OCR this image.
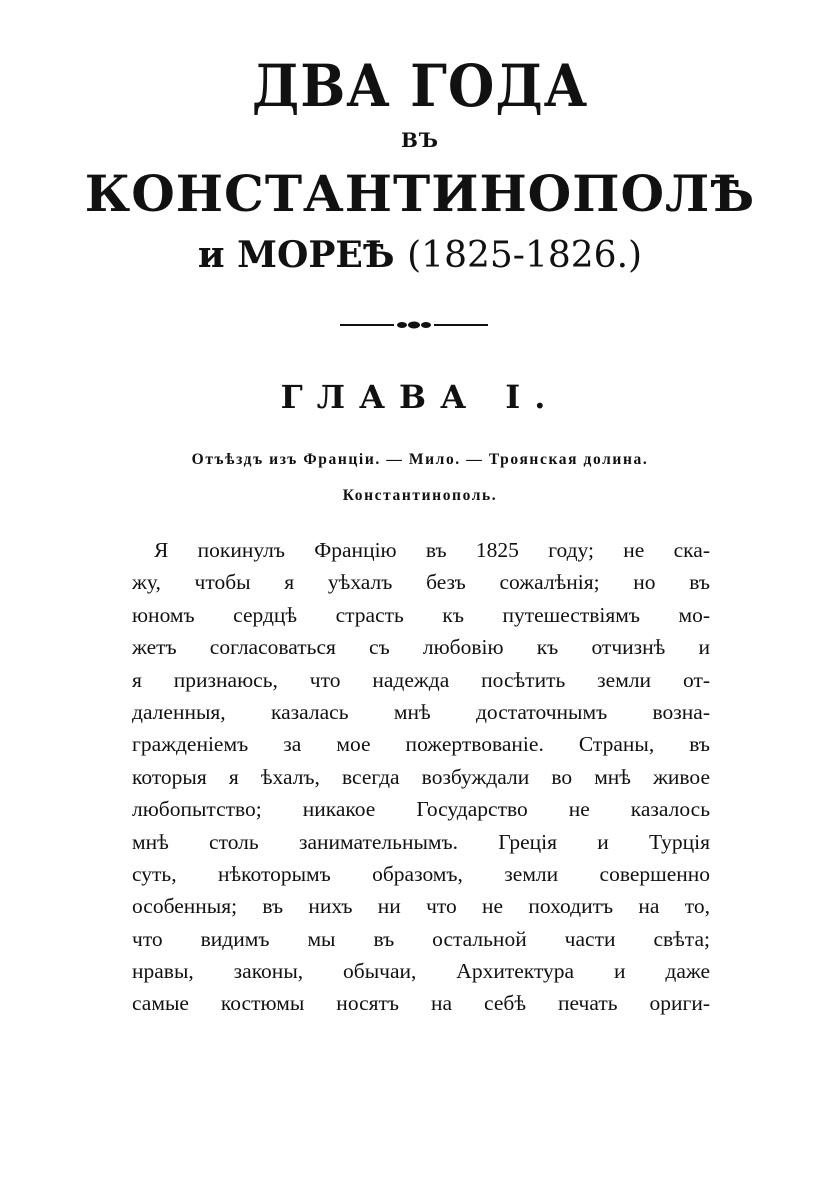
ДВА ГОДА
ВЪ
КОНСТАНТИНОПОЛѢ
и МОРЕѢ (1825-1826.)
ГЛАВА I.
Отъѣздъ изъ Франціи. — Мило. — Троянская долина.
Константинополь.
Я покинулъ Францію въ 1825 году; не ска-
жу, чтобы я уѣхалъ безъ сожалѣнія; но въ
юномъ сердцѣ страсть къ путешествіямъ мо-
жетъ согласоваться съ любовію къ отчизнѣ и
я признаюсь, что надежда посѣтить земли от-
даленныя, казалась мнѣ достаточнымъ возна-
гражденіемъ за мое пожертвованіе. Страны, въ
которыя я ѣхалъ, всегда возбуждали во мнѣ живое
любопытство; никакое Государство не казалось
мнѣ столь занимательнымъ. Греція и Турція
суть, нѣкоторымъ образомъ, земли совершенно
особенныя; въ нихъ ни что не походитъ на то,
что видимъ мы въ остальной части свѣта;
нравы, законы, обычаи, Архитектура и даже
самые костюмы носятъ на себѣ печать ориги-
